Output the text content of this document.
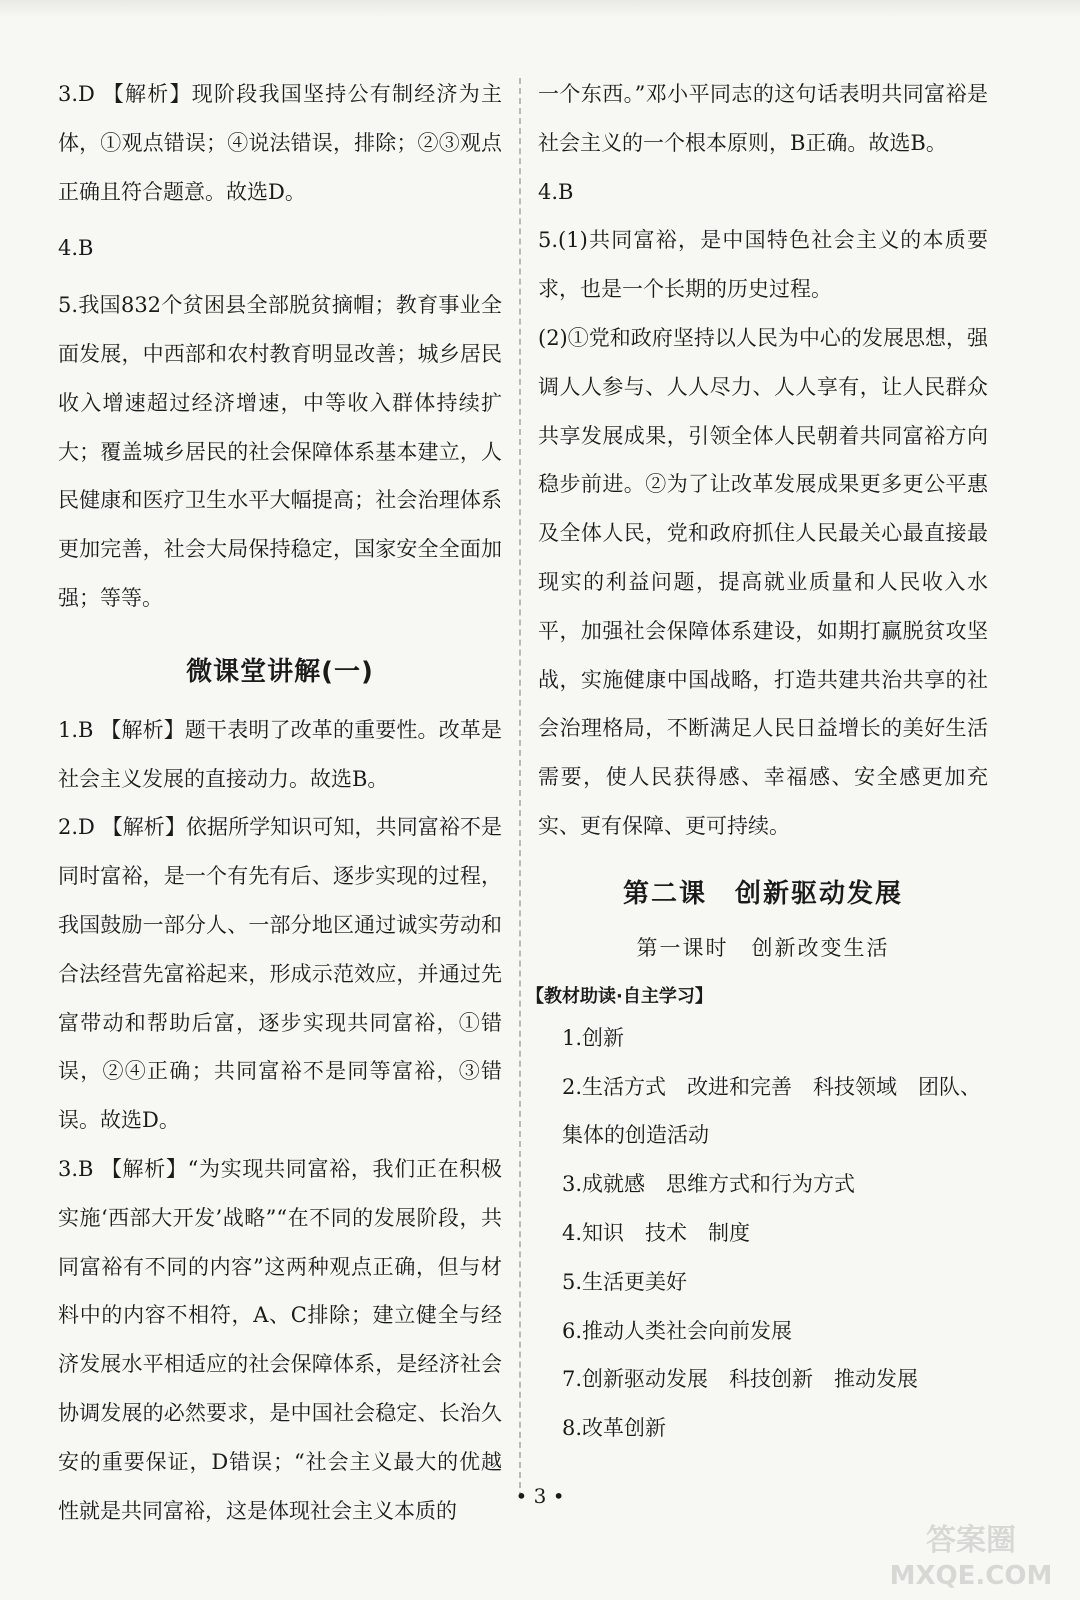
3.D 【解析】现阶段我国坚持公有制经济为主体，①观点错误；④说法错误，排除；②③观点正确且符合题意。故选D。

4.B

5.我国832个贫困县全部脱贫摘帽；教育事业全面发展，中西部和农村教育明显改善；城乡居民收入增速超过经济增速，中等收入群体持续扩大；覆盖城乡居民的社会保障体系基本建立，人民健康和医疗卫生水平大幅提高；社会治理体系更加完善，社会大局保持稳定，国家安全全面加强；等等。

微课堂讲解(一)

1.B 【解析】题干表明了改革的重要性。改革是社会主义发展的直接动力。故选B。

2.D 【解析】依据所学知识可知，共同富裕不是同时富裕，是一个有先有后、逐步实现的过程，我国鼓励一部分人、一部分地区通过诚实劳动和合法经营先富裕起来，形成示范效应，并通过先富带动和帮助后富，逐步实现共同富裕，①错误，②④正确；共同富裕不是同等富裕，③错误。故选D。

3.B 【解析】“为实现共同富裕，我们正在积极实施‘西部大开发’战略”“在不同的发展阶段，共同富裕有不同的内容”这两种观点正确，但与材料中的内容不相符，A、C排除；建立健全与经济发展水平相适应的社会保障体系，是经济社会协调发展的必然要求，是中国社会稳定、长治久安的重要保证，D错误；“社会主义最大的优越性就是共同富裕，这是体现社会主义本质的

一个东西。”邓小平同志的这句话表明共同富裕是社会主义的一个根本原则，B正确。故选B。

4.B

5.(1)共同富裕，是中国特色社会主义的本质要求，也是一个长期的历史过程。

(2)①党和政府坚持以人民为中心的发展思想，强调人人参与、人人尽力、人人享有，让人民群众共享发展成果，引领全体人民朝着共同富裕方向稳步前进。②为了让改革发展成果更多更公平惠及全体人民，党和政府抓住人民最关心最直接最现实的利益问题，提高就业质量和人民收入水平，加强社会保障体系建设，如期打赢脱贫攻坚战，实施健康中国战略，打造共建共治共享的社会治理格局，不断满足人民日益增长的美好生活需要，使人民获得感、幸福感、安全感更加充实、更有保障、更可持续。

第二课　创新驱动发展
第一课时　创新改变生活
【教材助读·自主学习】

1.创新

2.生活方式　改进和完善　科技领域　团队、集体的创造活动

3.成就感　思维方式和行为方式

4.知识　技术　制度

5.生活更美好

6.推动人类社会向前发展

7.创新驱动发展　科技创新　推动发展

8.改革创新

• 3 •
答案圈
MXQE.COM
